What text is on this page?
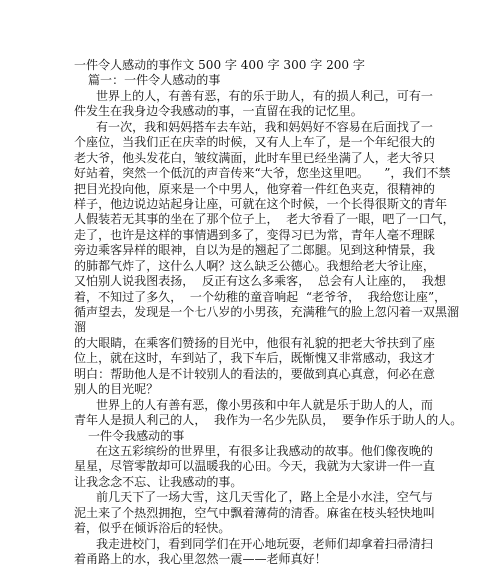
一件令人感动的事作文 500 字 400 字 300 字 200 字
篇一：一件令人感动的事
世界上的人，有善有恶，有的乐于助人，有的损人利己，可有一
件发生在我身边令我感动的事，一直留在我的记忆里。
有一次，我和妈妈搭车去车站，我和妈妈好不容易在后面找了一
个座位，当我们正在庆幸的时候，又有人上车了，是一个年纪很大的
老大爷，他头发花白，皱纹满面，此时车里已经坐满了人，老大爷只
好站着，突然一个低沉的声音传来“大爷，您坐这里吧。    ”，我们不禁
把目光投向他，原来是一个中男人，他穿着一件红色夹克，很精神的
样子，他边说边站起身让座，可就在这个时候，一个长得很斯文的青年
人假装若无其事的坐在了那个位子上，  老大爷看了一眼，吧了一口气，
走了，也许是这样的事情遇到多了，变得习已为常，青年人毫不理睬
旁边乘客异样的眼神，自以为是的翘起了二郎腿。见到这种情景，我
的肺都气炸了，这什么人啊？这么缺乏公德心。我想给老大爷让座，
又怕别人说我图表扬，  反正有这么多乘客，  总会有人让座的，  我想
着，不知过了多久，  一个幼稚的童音响起  “老爷爷，  我给您让座”，
循声望去，发现是一个七八岁的小男孩，充满稚气的脸上忽闪着一双黑溜
溜
的大眼睛，在乘客们赞扬的目光中，他很有礼貌的把老大爷扶到了座
位上，就在这时，车到站了，我下车后，既惭愧又非常感动，我这才
明白：帮助他人是不计较别人的看法的，要做到真心真意，何必在意
别人的目光呢？
世界上的人有善有恶，像小男孩和中年人就是乐于助人的人，而
青年人是损人利己的人，  我作为一名少先队员，  要争作乐于助人的人。
一件令我感动的事
在这五彩缤纷的世界里，有很多让我感动的故事。他们像夜晚的
星星，尽管零散却可以温暖我的心田。今天，我就为大家讲一件一直
让我念念不忘、让我感动的事。
前几天下了一场大雪，这几天雪化了，路上全是小水洼，空气与
泥土来了个热烈拥抱，空气中飘着薄荷的清香。麻雀在枝头轻快地叫
着，似乎在倾诉浴后的轻快。
我走进校门，看到同学们在开心地玩耍，老师们却拿着扫帚清扫
着甬路上的水，我心里忽然一震——老师真好！
